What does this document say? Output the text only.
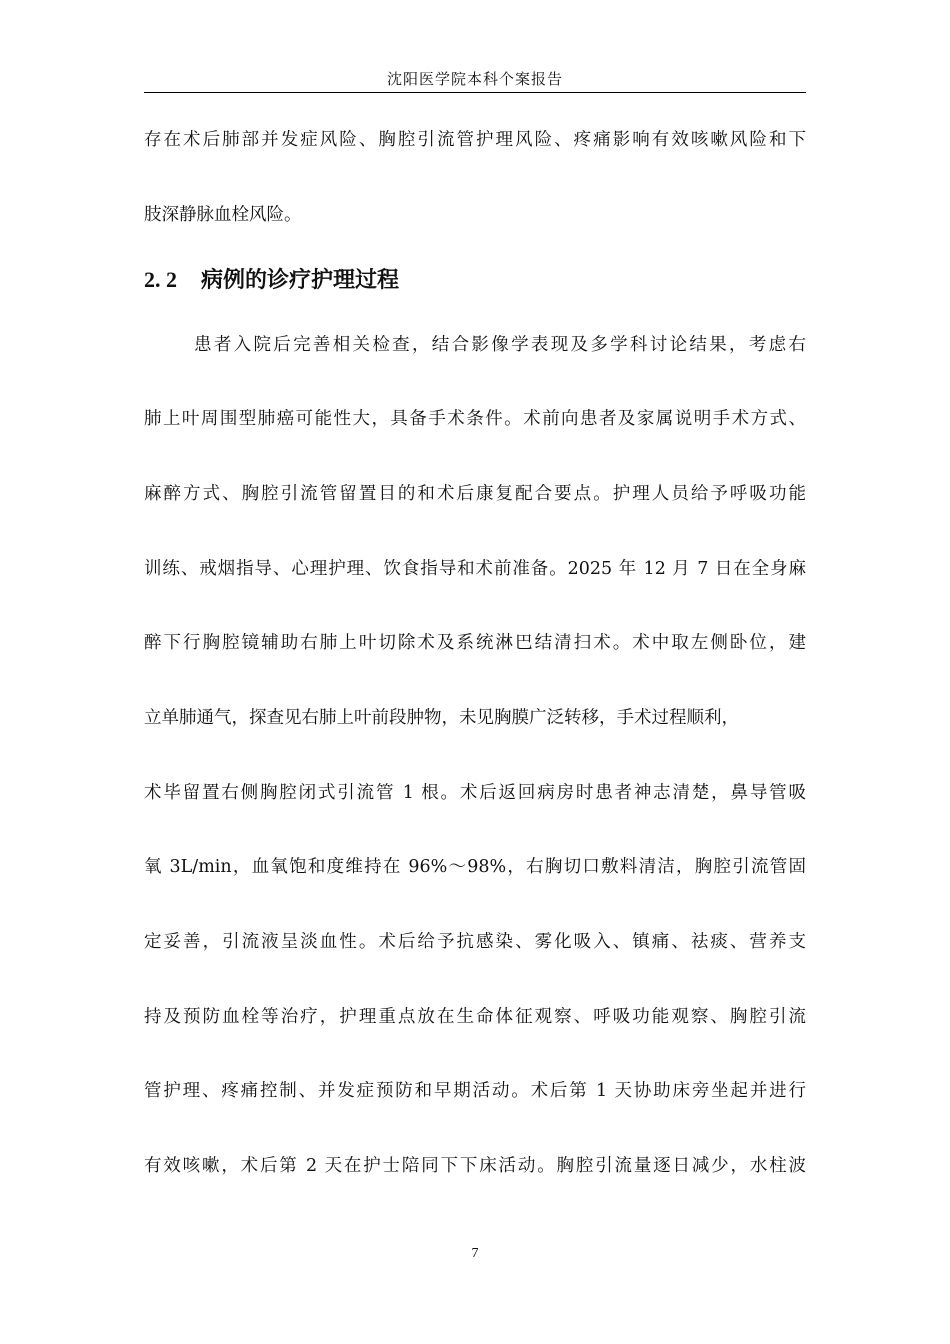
沈阳医学院本科个案报告
存在术后肺部并发症风险、胸腔引流管护理风险、疼痛影响有效咳嗽风险和下
肢深静脉血栓风险。
2. 2 病例的诊疗护理过程
患者入院后完善相关检查，结合影像学表现及多学科讨论结果，考虑右
肺上叶周围型肺癌可能性大，具备手术条件。术前向患者及家属说明手术方式、
麻醉方式、胸腔引流管留置目的和术后康复配合要点。护理人员给予呼吸功能
训练、戒烟指导、心理护理、饮食指导和术前准备。2025 年 12 月 7 日在全身麻
醉下行胸腔镜辅助右肺上叶切除术及系统淋巴结清扫术。术中取左侧卧位，建
立单肺通气，探查见右肺上叶前段肿物，未见胸膜广泛转移，手术过程顺利，
术毕留置右侧胸腔闭式引流管 1 根。术后返回病房时患者神志清楚，鼻导管吸
氧 3L/min，血氧饱和度维持在 96%～98%，右胸切口敷料清洁，胸腔引流管固
定妥善，引流液呈淡血性。术后给予抗感染、雾化吸入、镇痛、祛痰、营养支
持及预防血栓等治疗，护理重点放在生命体征观察、呼吸功能观察、胸腔引流
管护理、疼痛控制、并发症预防和早期活动。术后第 1 天协助床旁坐起并进行
有效咳嗽，术后第 2 天在护士陪同下下床活动。胸腔引流量逐日减少，水柱波
7
